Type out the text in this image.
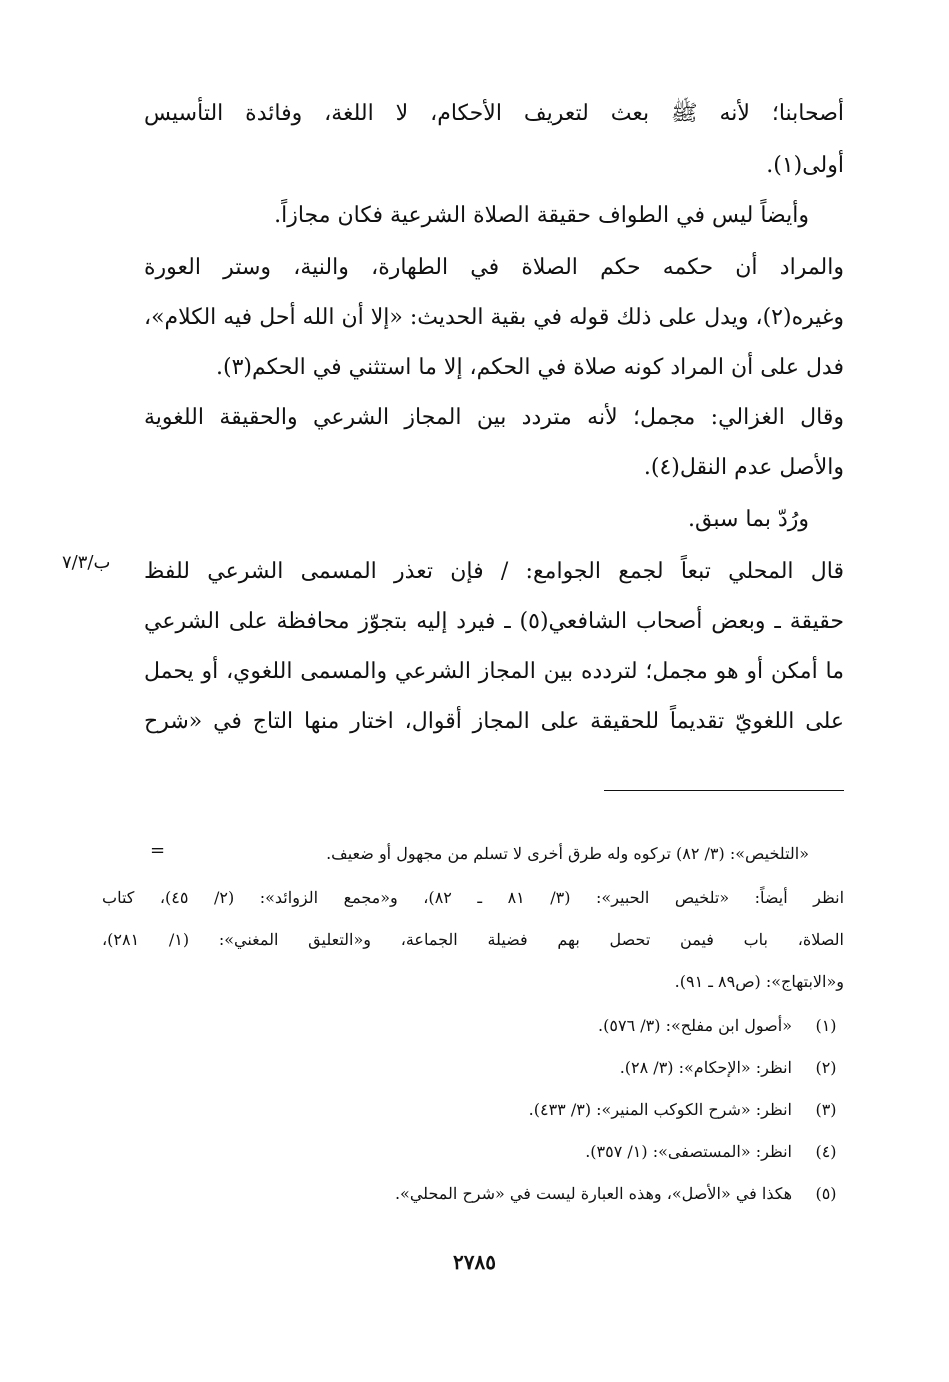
أصحابنا؛ لأنه ﷺ بعث لتعريف الأحكام، لا اللغة، وفائدة التأسيس
أولى(١).
وأيضاً ليس في الطواف حقيقة الصلاة الشرعية فكان مجازاً.
والمراد أن حكمه حكم الصلاة في الطهارة، والنية، وستر العورة
وغيره(٢)، ويدل على ذلك قوله في بقية الحديث: «إلا أن الله أحل فيه الكلام»،
فدل على أن المراد كونه صلاة في الحكم، إلا ما استثني في الحكم(٣).
وقال الغزالي: مجمل؛ لأنه متردد بين المجاز الشرعي والحقيقة اللغوية
والأصل عدم النقل(٤).
ورُدّ بما سبق.
قال المحلي تبعاً لجمع الجوامع: / فإن تعذر المسمى الشرعي للفظ
حقيقة ـ وبعض أصحاب الشافعي(٥) ـ فيرد إليه بتجوّز محافظة على الشرعي
ما أمكن أو هو مجمل؛ لتردده بين المجاز الشرعي والمسمى اللغوي، أو يحمل
على اللغويّ تقديماً للحقيقة على المجاز أقوال، اختار منها التاج في «شرح
ب/٧/٣
=	«التلخيص»: (٣/ ٨٢) تركوه وله طرق أخرى لا تسلم من مجهول أو ضعيف.
انظر أيضاً: «تلخيص الحبير»: (٣/ ٨١ ـ ٨٢)، و«مجمع الزوائد»: (٢/ ٤٥)، كتاب
الصلاة، باب فيمن تحصل بهم فضيلة الجماعة، و«التعليق المغني»: (١/ ٢٨١)،
و«الابتهاج»: (ص٨٩ ـ ٩١).
(١)«أصول ابن مفلح»: (٣/ ٥٧٦).
(٢)انظر: «الإحكام»: (٣/ ٢٨).
(٣)انظر: «شرح الكوكب المنير»: (٣/ ٤٣٣).
(٤)انظر: «المستصفى»: (١/ ٣٥٧).
(٥)هكذا في «الأصل»، وهذه العبارة ليست في «شرح المحلي».
٢٧٨٥
